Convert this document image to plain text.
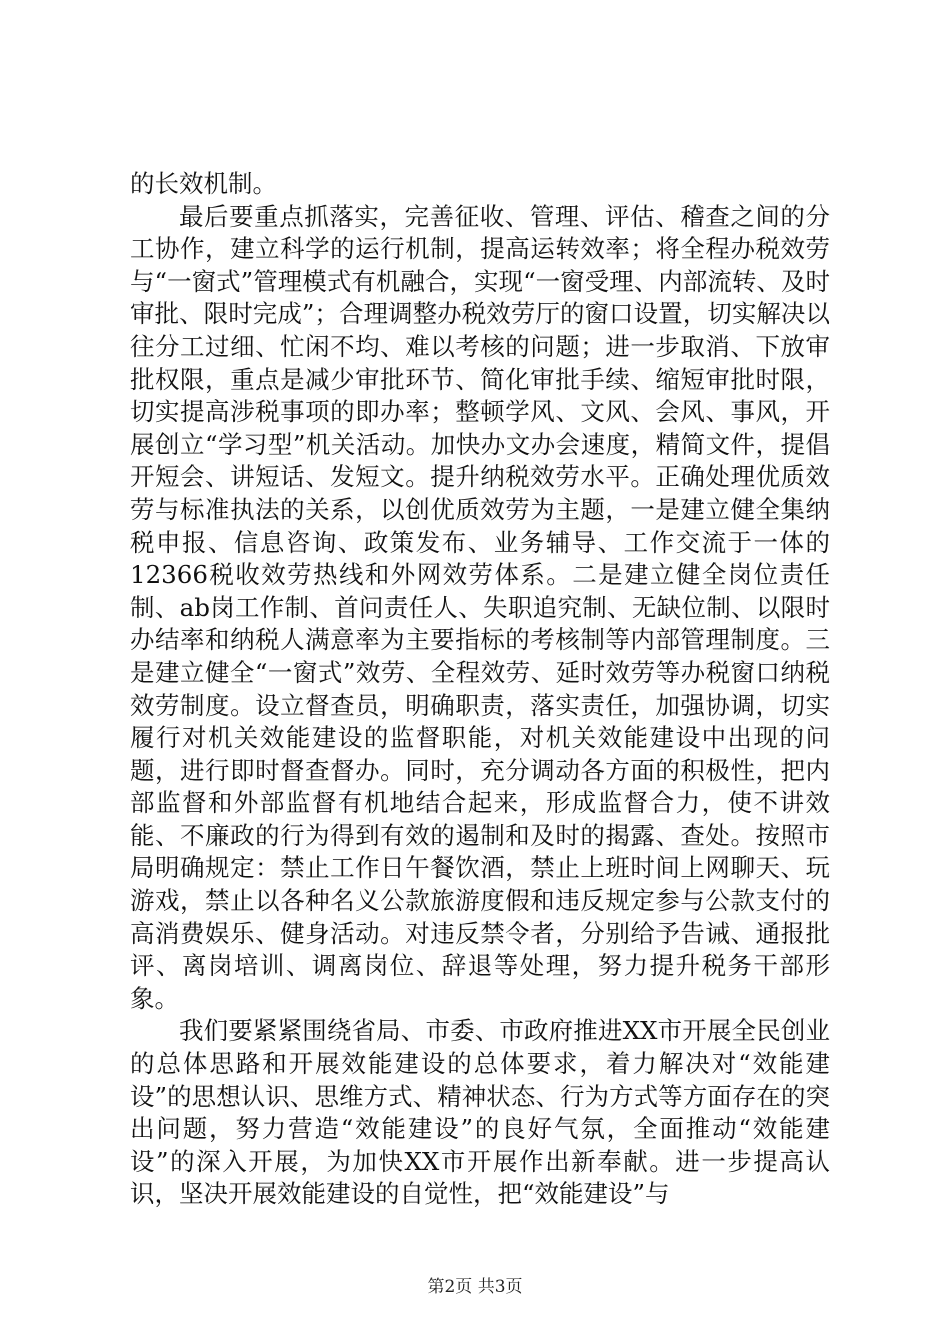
的长效机制。

最后要重点抓落实，完善征收、管理、评估、稽查之间的分工协作，建立科学的运行机制，提高运转效率；将全程办税效劳与“一窗式”管理模式有机融合，实现“一窗受理、内部流转、及时审批、限时完成”；合理调整办税效劳厅的窗口设置，切实解决以往分工过细、忙闲不均、难以考核的问题；进一步取消、下放审批权限，重点是减少审批环节、简化审批手续、缩短审批时限，切实提高涉税事项的即办率；整顿学风、文风、会风、事风，开展创立“学习型”机关活动。加快办文办会速度，精简文件，提倡开短会、讲短话、发短文。提升纳税效劳水平。正确处理优质效劳与标准执法的关系，以创优质效劳为主题，一是建立健全集纳税申报、信息咨询、政策发布、业务辅导、工作交流于一体的12366税收效劳热线和外网效劳体系。二是建立健全岗位责任制、ab岗工作制、首问责任人、失职追究制、无缺位制、以限时办结率和纳税人满意率为主要指标的考核制等内部管理制度。三是建立健全“一窗式”效劳、全程效劳、延时效劳等办税窗口纳税效劳制度。设立督查员，明确职责，落实责任，加强协调，切实履行对机关效能建设的监督职能，对机关效能建设中出现的问题，进行即时督查督办。同时，充分调动各方面的积极性，把内部监督和外部监督有机地结合起来，形成监督合力，使不讲效能、不廉政的行为得到有效的遏制和及时的揭露、查处。按照市局明确规定：禁止工作日午餐饮酒，禁止上班时间上网聊天、玩游戏，禁止以各种名义公款旅游度假和违反规定参与公款支付的高消费娱乐、健身活动。对违反禁令者，分别给予告诫、通报批评、离岗培训、调离岗位、辞退等处理，努力提升税务干部形象。

我们要紧紧围绕省局、市委、市政府推进XX市开展全民创业的总体思路和开展效能建设的总体要求，着力解决对“效能建设”的思想认识、思维方式、精神状态、行为方式等方面存在的突出问题，努力营造“效能建设”的良好气氛，全面推动“效能建设”的深入开展，为加快XX市开展作出新奉献。进一步提高认识，坚决开展效能建设的自觉性，把“效能建设”与

第2页 共3页
